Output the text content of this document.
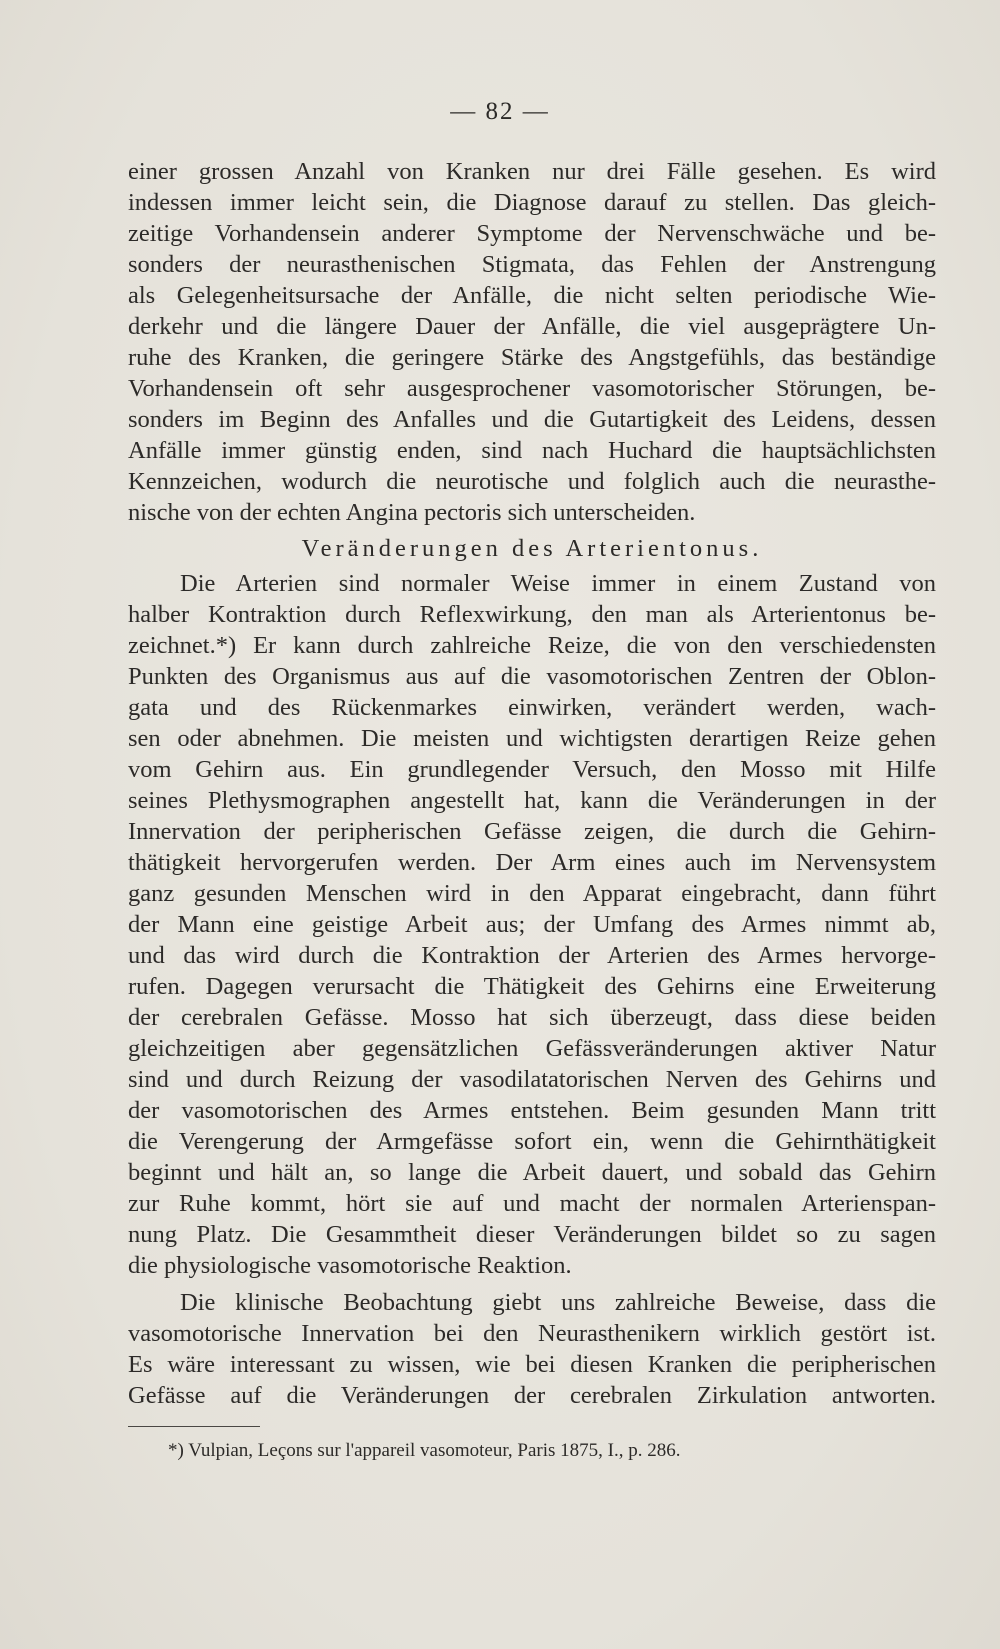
— 82 —
einer grossen Anzahl von Kranken nur drei Fälle gesehen. Es wird
indessen immer leicht sein, die Diagnose darauf zu stellen. Das gleich-
zeitige Vorhandensein anderer Symptome der Nervenschwäche und be-
sonders der neurasthenischen Stigmata, das Fehlen der Anstrengung
als Gelegenheitsursache der Anfälle, die nicht selten periodische Wie-
derkehr und die längere Dauer der Anfälle, die viel ausgeprägtere Un-
ruhe des Kranken, die geringere Stärke des Angstgefühls, das beständige
Vorhandensein oft sehr ausgesprochener vasomotorischer Störungen, be-
sonders im Beginn des Anfalles und die Gutartigkeit des Leidens, dessen
Anfälle immer günstig enden, sind nach Huchard die hauptsächlichsten
Kennzeichen, wodurch die neurotische und folglich auch die neurasthe-
nische von der echten Angina pectoris sich unterscheiden.
Veränderungen des Arterientonus.
Die Arterien sind normaler Weise immer in einem Zustand von
halber Kontraktion durch Reflexwirkung, den man als Arterientonus be-
zeichnet.*) Er kann durch zahlreiche Reize, die von den verschiedensten
Punkten des Organismus aus auf die vasomotorischen Zentren der Oblon-
gata und des Rückenmarkes einwirken, verändert werden, wach-
sen oder abnehmen. Die meisten und wichtigsten derartigen Reize gehen
vom Gehirn aus. Ein grundlegender Versuch, den Mosso mit Hilfe
seines Plethysmographen angestellt hat, kann die Veränderungen in der
Innervation der peripherischen Gefässe zeigen, die durch die Gehirn-
thätigkeit hervorgerufen werden. Der Arm eines auch im Nervensystem
ganz gesunden Menschen wird in den Apparat eingebracht, dann führt
der Mann eine geistige Arbeit aus; der Umfang des Armes nimmt ab,
und das wird durch die Kontraktion der Arterien des Armes hervorge-
rufen. Dagegen verursacht die Thätigkeit des Gehirns eine Erweiterung
der cerebralen Gefässe. Mosso hat sich überzeugt, dass diese beiden
gleichzeitigen aber gegensätzlichen Gefässveränderungen aktiver Natur
sind und durch Reizung der vasodilatatorischen Nerven des Gehirns und
der vasomotorischen des Armes entstehen. Beim gesunden Mann tritt
die Verengerung der Armgefässe sofort ein, wenn die Gehirnthätigkeit
beginnt und hält an, so lange die Arbeit dauert, und sobald das Gehirn
zur Ruhe kommt, hört sie auf und macht der normalen Arterienspan-
nung Platz. Die Gesammtheit dieser Veränderungen bildet so zu sagen
die physiologische vasomotorische Reaktion.
Die klinische Beobachtung giebt uns zahlreiche Beweise, dass die
vasomotorische Innervation bei den Neurasthenikern wirklich gestört ist.
Es wäre interessant zu wissen, wie bei diesen Kranken die peripherischen
Gefässe auf die Veränderungen der cerebralen Zirkulation antworten.
*) Vulpian, Leçons sur l'appareil vasomoteur, Paris 1875, I., p. 286.
